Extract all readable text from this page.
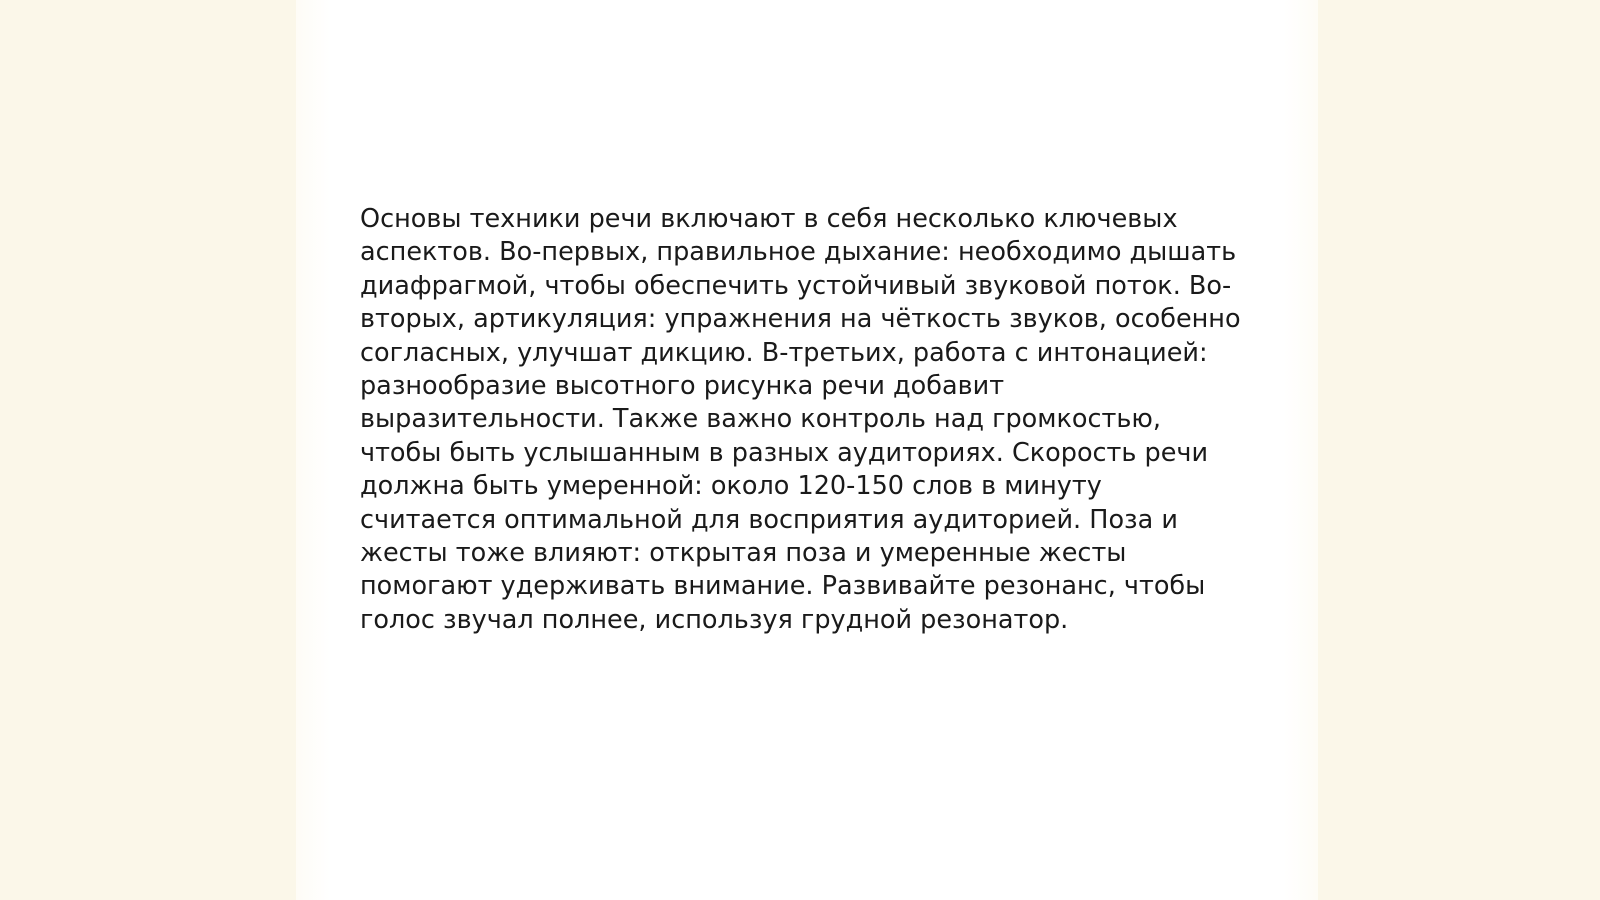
Основы техники речи включают в себя несколько ключевых аспектов. Во-первых, правильное дыхание: необходимо дышать диафрагмой, чтобы обеспечить устойчивый звуковой поток. Во-вторых, артикуляция: упражнения на чёткость звуков, особенно согласных, улучшат дикцию. В-третьих, работа с интонацией: разнообразие высотного рисунка речи добавит выразительности. Также важно контроль над громкостью, чтобы быть услышанным в разных аудиториях. Скорость речи должна быть умеренной: около 120-150 слов в минуту считается оптимальной для восприятия аудиторией. Поза и жесты тоже влияют: открытая поза и умеренные жесты помогают удерживать внимание. Развивайте резонанс, чтобы голос звучал полнее, используя грудной резонатор.
